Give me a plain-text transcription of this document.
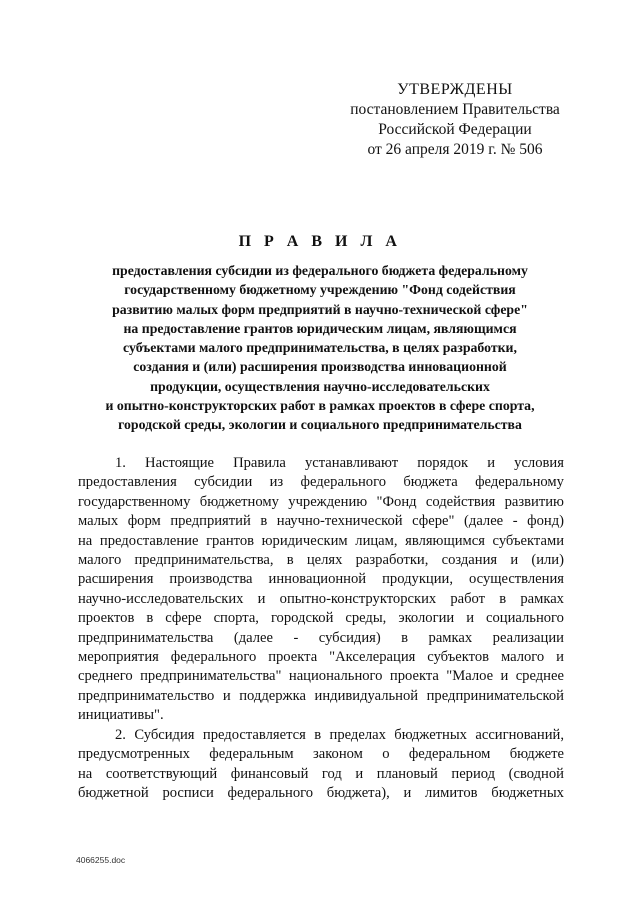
УТВЕРЖДЕНЫ
постановлением Правительства
Российской Федерации
от 26 апреля 2019 г. № 506
П Р А В И Л А
предоставления субсидии из федерального бюджета федеральному
государственному бюджетному учреждению "Фонд содействия
развитию малых форм предприятий в научно-технической сфере"
на предоставление грантов юридическим лицам, являющимся
субъектами малого предпринимательства, в целях разработки,
создания и (или) расширения производства инновационной
продукции, осуществления научно-исследовательских
и опытно-конструкторских работ в рамках проектов в сфере спорта,
городской среды, экологии и социального предпринимательства
1. Настоящие Правила устанавливают порядок и условия
предоставления субсидии из федерального бюджета федеральному
государственному бюджетному учреждению "Фонд содействия развитию
малых форм предприятий в научно-технической сфере" (далее - фонд)
на предоставление грантов юридическим лицам, являющимся субъектами
малого предпринимательства, в целях разработки, создания и (или)
расширения производства инновационной продукции, осуществления
научно-исследовательских и опытно-конструкторских работ в рамках
проектов в сфере спорта, городской среды, экологии и социального
предпринимательства (далее - субсидия) в рамках реализации
мероприятия федерального проекта "Акселерация субъектов малого и
среднего предпринимательства" национального проекта "Малое и среднее
предпринимательство и поддержка индивидуальной предпринимательской
инициативы".
2. Субсидия предоставляется в пределах бюджетных ассигнований,
предусмотренных федеральным законом о федеральном бюджете
на соответствующий финансовый год и плановый период (сводной
бюджетной росписи федерального бюджета), и лимитов бюджетных
4066255.doc
